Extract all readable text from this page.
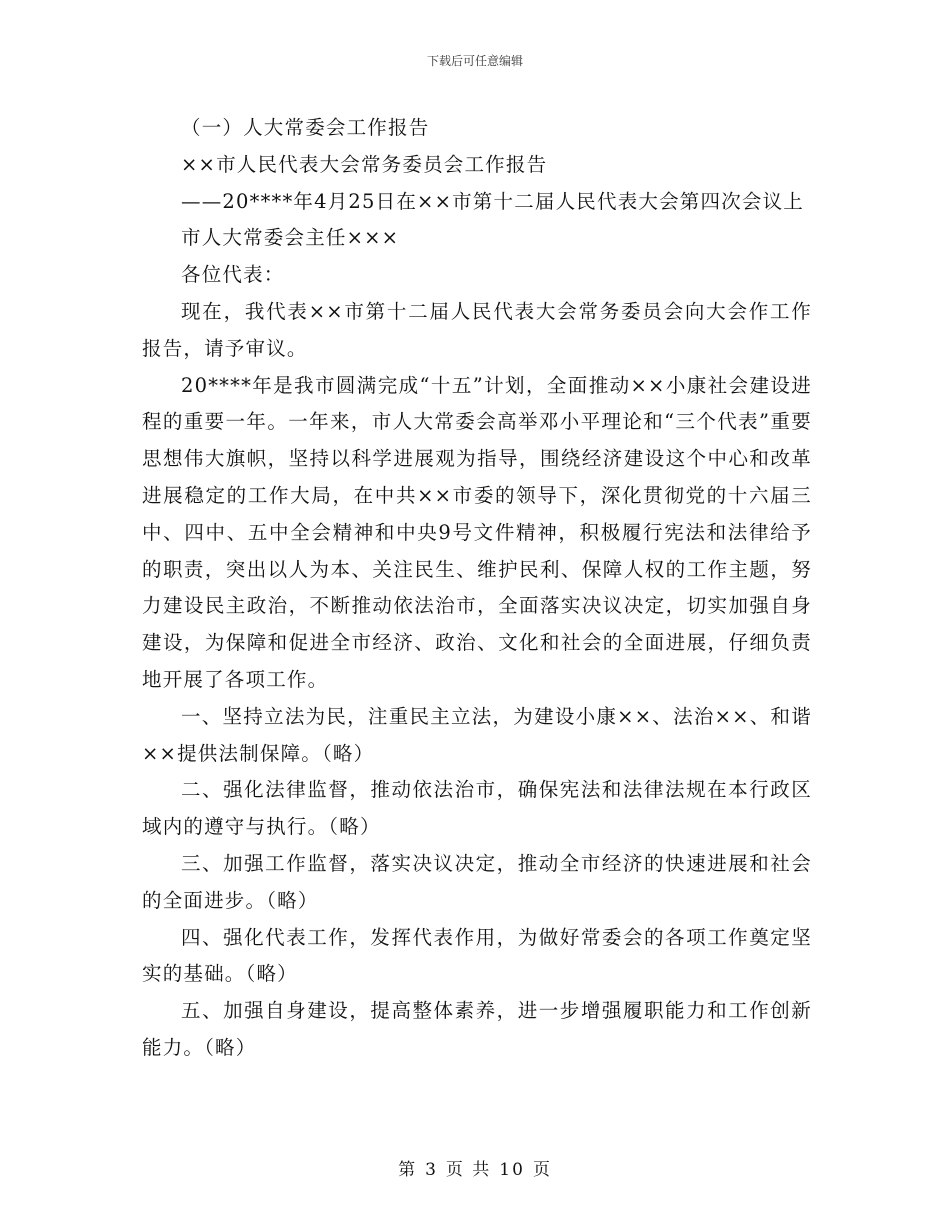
下载后可任意编辑

（一）人大常委会工作报告

××市人民代表大会常务委员会工作报告

——20****年4月25日在××市第十二届人民代表大会第四次会议上

市人大常委会主任×××

各位代表：

现在，我代表××市第十二届人民代表大会常务委员会向大会作工作报告，请予审议。

20****年是我市圆满完成“十五”计划，全面推动××小康社会建设进程的重要一年。一年来，市人大常委会高举邓小平理论和“三个代表”重要思想伟大旗帜，坚持以科学进展观为指导，围绕经济建设这个中心和改革进展稳定的工作大局，在中共××市委的领导下，深化贯彻党的十六届三中、四中、五中全会精神和中央9号文件精神，积极履行宪法和法律给予的职责，突出以人为本、关注民生、维护民利、保障人权的工作主题，努力建设民主政治，不断推动依法治市，全面落实决议决定，切实加强自身建设，为保障和促进全市经济、政治、文化和社会的全面进展，仔细负责地开展了各项工作。

一、坚持立法为民，注重民主立法，为建设小康××、法治××、和谐××提供法制保障。（略）

二、强化法律监督，推动依法治市，确保宪法和法律法规在本行政区域内的遵守与执行。（略）

三、加强工作监督，落实决议决定，推动全市经济的快速进展和社会的全面进步。（略）

四、强化代表工作，发挥代表作用，为做好常委会的各项工作奠定坚实的基础。（略）

五、加强自身建设，提高整体素养，进一步增强履职能力和工作创新能力。（略）

第 3 页 共 10 页
